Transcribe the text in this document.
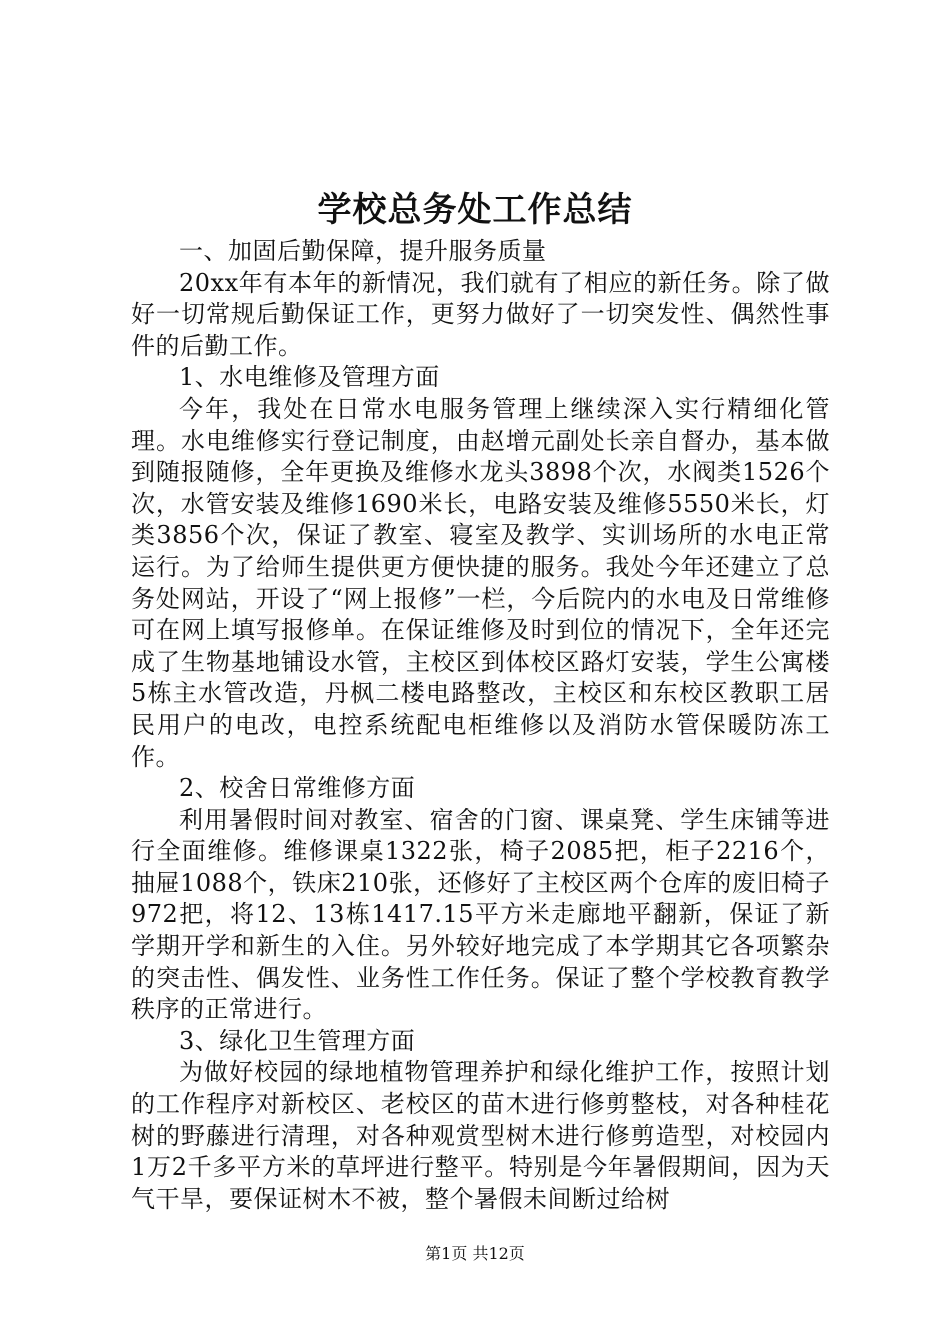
学校总务处工作总结

一、加固后勤保障，提升服务质量

20xx年有本年的新情况，我们就有了相应的新任务。除了做好一切常规后勤保证工作，更努力做好了一切突发性、偶然性事件的后勤工作。

1、水电维修及管理方面

今年，我处在日常水电服务管理上继续深入实行精细化管理。水电维修实行登记制度，由赵增元副处长亲自督办，基本做到随报随修，全年更换及维修水龙头3898个次，水阀类1526个次，水管安装及维修1690米长，电路安装及维修5550米长，灯类3856个次，保证了教室、寝室及教学、实训场所的水电正常运行。为了给师生提供更方便快捷的服务。我处今年还建立了总务处网站，开设了“网上报修”一栏，今后院内的水电及日常维修可在网上填写报修单。在保证维修及时到位的情况下，全年还完成了生物基地铺设水管，主校区到体校区路灯安装，学生公寓楼5栋主水管改造，丹枫二楼电路整改，主校区和东校区教职工居民用户的电改，电控系统配电柜维修以及消防水管保暖防冻工作。

2、校舍日常维修方面

利用暑假时间对教室、宿舍的门窗、课桌凳、学生床铺等进行全面维修。维修课桌1322张，椅子2085把，柜子2216个，抽屉1088个，铁床210张，还修好了主校区两个仓库的废旧椅子972把，将12、13栋1417.15平方米走廊地平翻新，保证了新学期开学和新生的入住。另外较好地完成了本学期其它各项繁杂的突击性、偶发性、业务性工作任务。保证了整个学校教育教学秩序的正常进行。

3、绿化卫生管理方面

为做好校园的绿地植物管理养护和绿化维护工作，按照计划的工作程序对新校区、老校区的苗木进行修剪整枝，对各种桂花树的野藤进行清理，对各种观赏型树木进行修剪造型，对校园内1万2千多平方米的草坪进行整平。特别是今年暑假期间，因为天气干旱，要保证树木不被，整个暑假未间断过给树

第1页 共12页
